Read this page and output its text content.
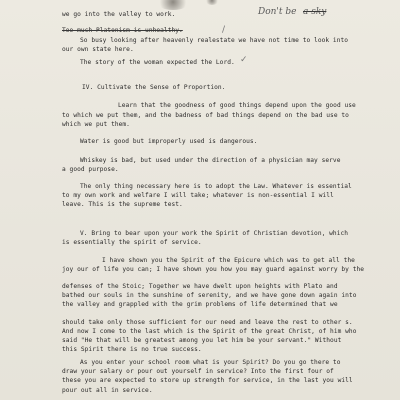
we go into the valley to work.	Don't be a sky
Too much Platonism is unhealthy.	/
So busy looking after heavenly realestate we have not time to look into
our own state here.
The story of the woman expected the Lord. ✓
IV. Cultivate the Sense of Proportion.
Learn that the goodness of good things depend upon the good use
to which we put them, and the badness of bad things depend on the bad use to
which we put them.
Water is good but improperly used is dangerous.
Whiskey is bad, but used under the direction of a physician may serve
a good purpose.
The only thing necessary here is to adopt the Law. Whatever is essential
to my own work and welfare I will take; whatever is non-essential I will
leave. This is the supreme test.
V. Bring to bear upon your work the Spirit of Christian devotion, which
is essentially the spirit of service.
I have shown you the Spirit of the Epicure which was to get all the
joy our of life you can; I have shown you how you may guard against worry by the
defenses of the Stoic; Together we have dwelt upon heights with Plato and
bathed our souls in the sunshine of serenity, and we have gone down again into
the valley and grappled with the grim problems of life determined that we
should take only those sufficient for our need and leave the rest to other s.
And now I come to the last which is the Spirit of the great Christ, of him who
said "He that will be greatest among you let him be your servant." Without
this Spirit there is no true success.
As you enter your school room what is your Spirit? Do you go there to
draw your salary or pour out yourself in service? Into the first four of
these you are expected to store up strength for service, in the last you will
pour out all in service.
